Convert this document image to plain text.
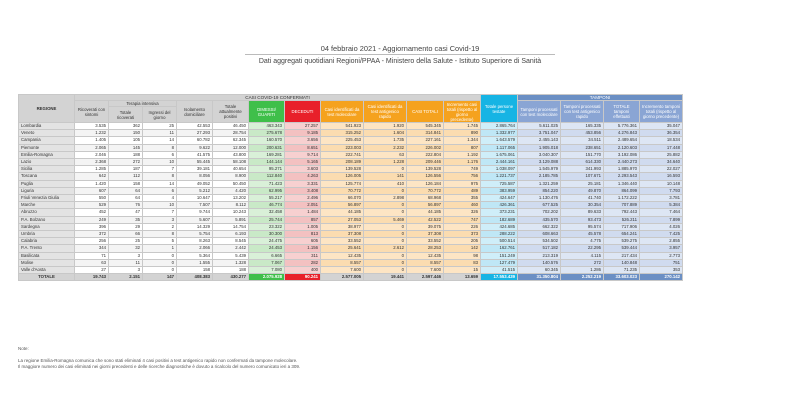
04 febbraio 2021 - Aggiornamento casi Covid-19
Dati aggregati quotidiani Regioni/PPAA - Ministero della Salute - Istituto Superiore di Sanità
REGIONE	CASI COVID-19 CONFERMATI											Totale persone testate	TAMPONI			
	Ricoverati con sintomi	Terapia intensiva		Isolamento domiciliare	Totale attualmente positivi	DIMESSI/ GUARITI	DECEDUTI	Casi identificati da test molecolare	Casi identificati da test antigenico rapido	CASI TOTALI	Incremento casi totali (rispetto al giorno precedente)		Tamponi processati con test molecolare	Tamponi processati con test antigenico rapido	TOTALE tamponi effettuati	Incremento tamponi totali (rispetto al giorno precedente)
		Totale ricoverati	Ingressi del giorno													
Lombardia	3.535	362	25	42.553	46.450	463.343	27.257	541.923	1.920	545.345	1.745	2.865.764	5.611.025	165.335	5.776.361	35.047
Veneto	1.232	150	11	27.293	28.754	275.678	9.185	315.252	1.604	314.841	890	1.332.977	3.751.047	453.856	4.276.843	36.354
Campania	1.405	105	14	60.782	62.345	160.570	3.656	225.453	1.735	227.161	1.344	1.643.579	2.455.143	34.511	2.489.654	18.534
Piemonte	2.065	145	8	9.622	12.000	200.631	8.651	223.003	2.232	226.002	807	1.117.065	1.905.018	238.651	2.120.603	17.448
Emilia-Romagna	2.046	188	6	41.575	43.800	169.281	9.714	222.741	63	222.804	1.192	1.675.061	3.040.307	151.770	3.192.086	25.882
Lazio	2.368	272	10	55.445	58.108	144.144	5.165	208.189	1.228	209.446	1.176	2.444.161	3.129.088	614.330	2.440.273	34.640
Sicilia	1.285	187	7	39.181	40.654	95.271	3.603	139.528	0	139.528	749	1.038.097	1.545.979	341.993	1.885.970	22.027
Toscana	642	112	8	8.056	8.900	112.840	4.263	126.005	141	126.556	756	1.221.737	2.185.785	107.671	2.293.543	16.593
Puglia	1.420	158	14	49.052	50.450	71.423	3.331	125.774	410	126.184	975	725.587	1.321.259	25.181	1.346.440	10.148
Liguria	607	64	6	5.212	4.420	62.995	3.408	70.772	0	70.772	489	383.959	854.220	49.870	864.099	7.793
Friuli Venezia Giulia	550	64	4	10.647	13.202	55.217	2.496	66.070	2.898	68.968	355	424.647	1.130.476	41.740	1.172.222	3.781
Marche	529	76	10	7.507	8.112	46.774	2.051	56.897	0	56.897	460	426.361	677.525	30.354	707.889	5.384
Abruzzo	452	47	7	9.744	10.243	32.458	1.484	44.185	0	44.185	326	373.231	702.202	89.633	792.443	7.464
P.A. Bolzano	249	35	3	5.607	5.891	25.744	857	27.053	5.469	42.522	747	182.689	435.570	93.473	526.211	7.899
Sardegna	396	29	2	14.329	14.754	23.322	1.005	38.977	0	39.075	226	424.685	662.322	95.574	717.906	4.026
Umbria	372	66	8	5.754	6.193	30.300	813	37.308	0	37.308	373	288.222	608.663	45.578	654.241	7.425
Calabria	256	25	5	8.263	8.545	24.475	605	33.552	0	33.552	205	500.514	534.502	4.775	539.275	2.855
P.A. Trento	344	32	1	2.066	2.442	24.453	1.156	25.641	2.612	28.253	142	162.761	517.182	22.295	539.444	3.957
Basilicata	71	3	0	5.364	5.439	6.665	311	12.435	0	12.435	98	151.249	213.319	4.115	217.434	2.773
Molise	63	11	0	1.555	1.328	7.067	282	8.557	0	8.557	83	127.479	140.576	272	140.848	751
Valle d'Aosta	27	3	0	158	188	7.080	400	7.600	0	7.600	15	41.515	60.345	1.286	71.235	353
TOTALE	19.743	2.151	147	408.383	430.277	2.075.928	90.241	2.577.005	19.441	2.597.446	13.659	17.553.439	31.350.804	2.252.219	33.603.023	270.142
Note:
La regione Emilia-Romagna comunica che sono stati eliminati 4 casi positivi a test antigenico rapido non confermati da tampone molecolare.
Il maggiore numero dei casi eliminati nei giorni precedenti e delle ricerche diagnostiche è dovuto a ricalcolo del numero comunicato ieri a 309.
